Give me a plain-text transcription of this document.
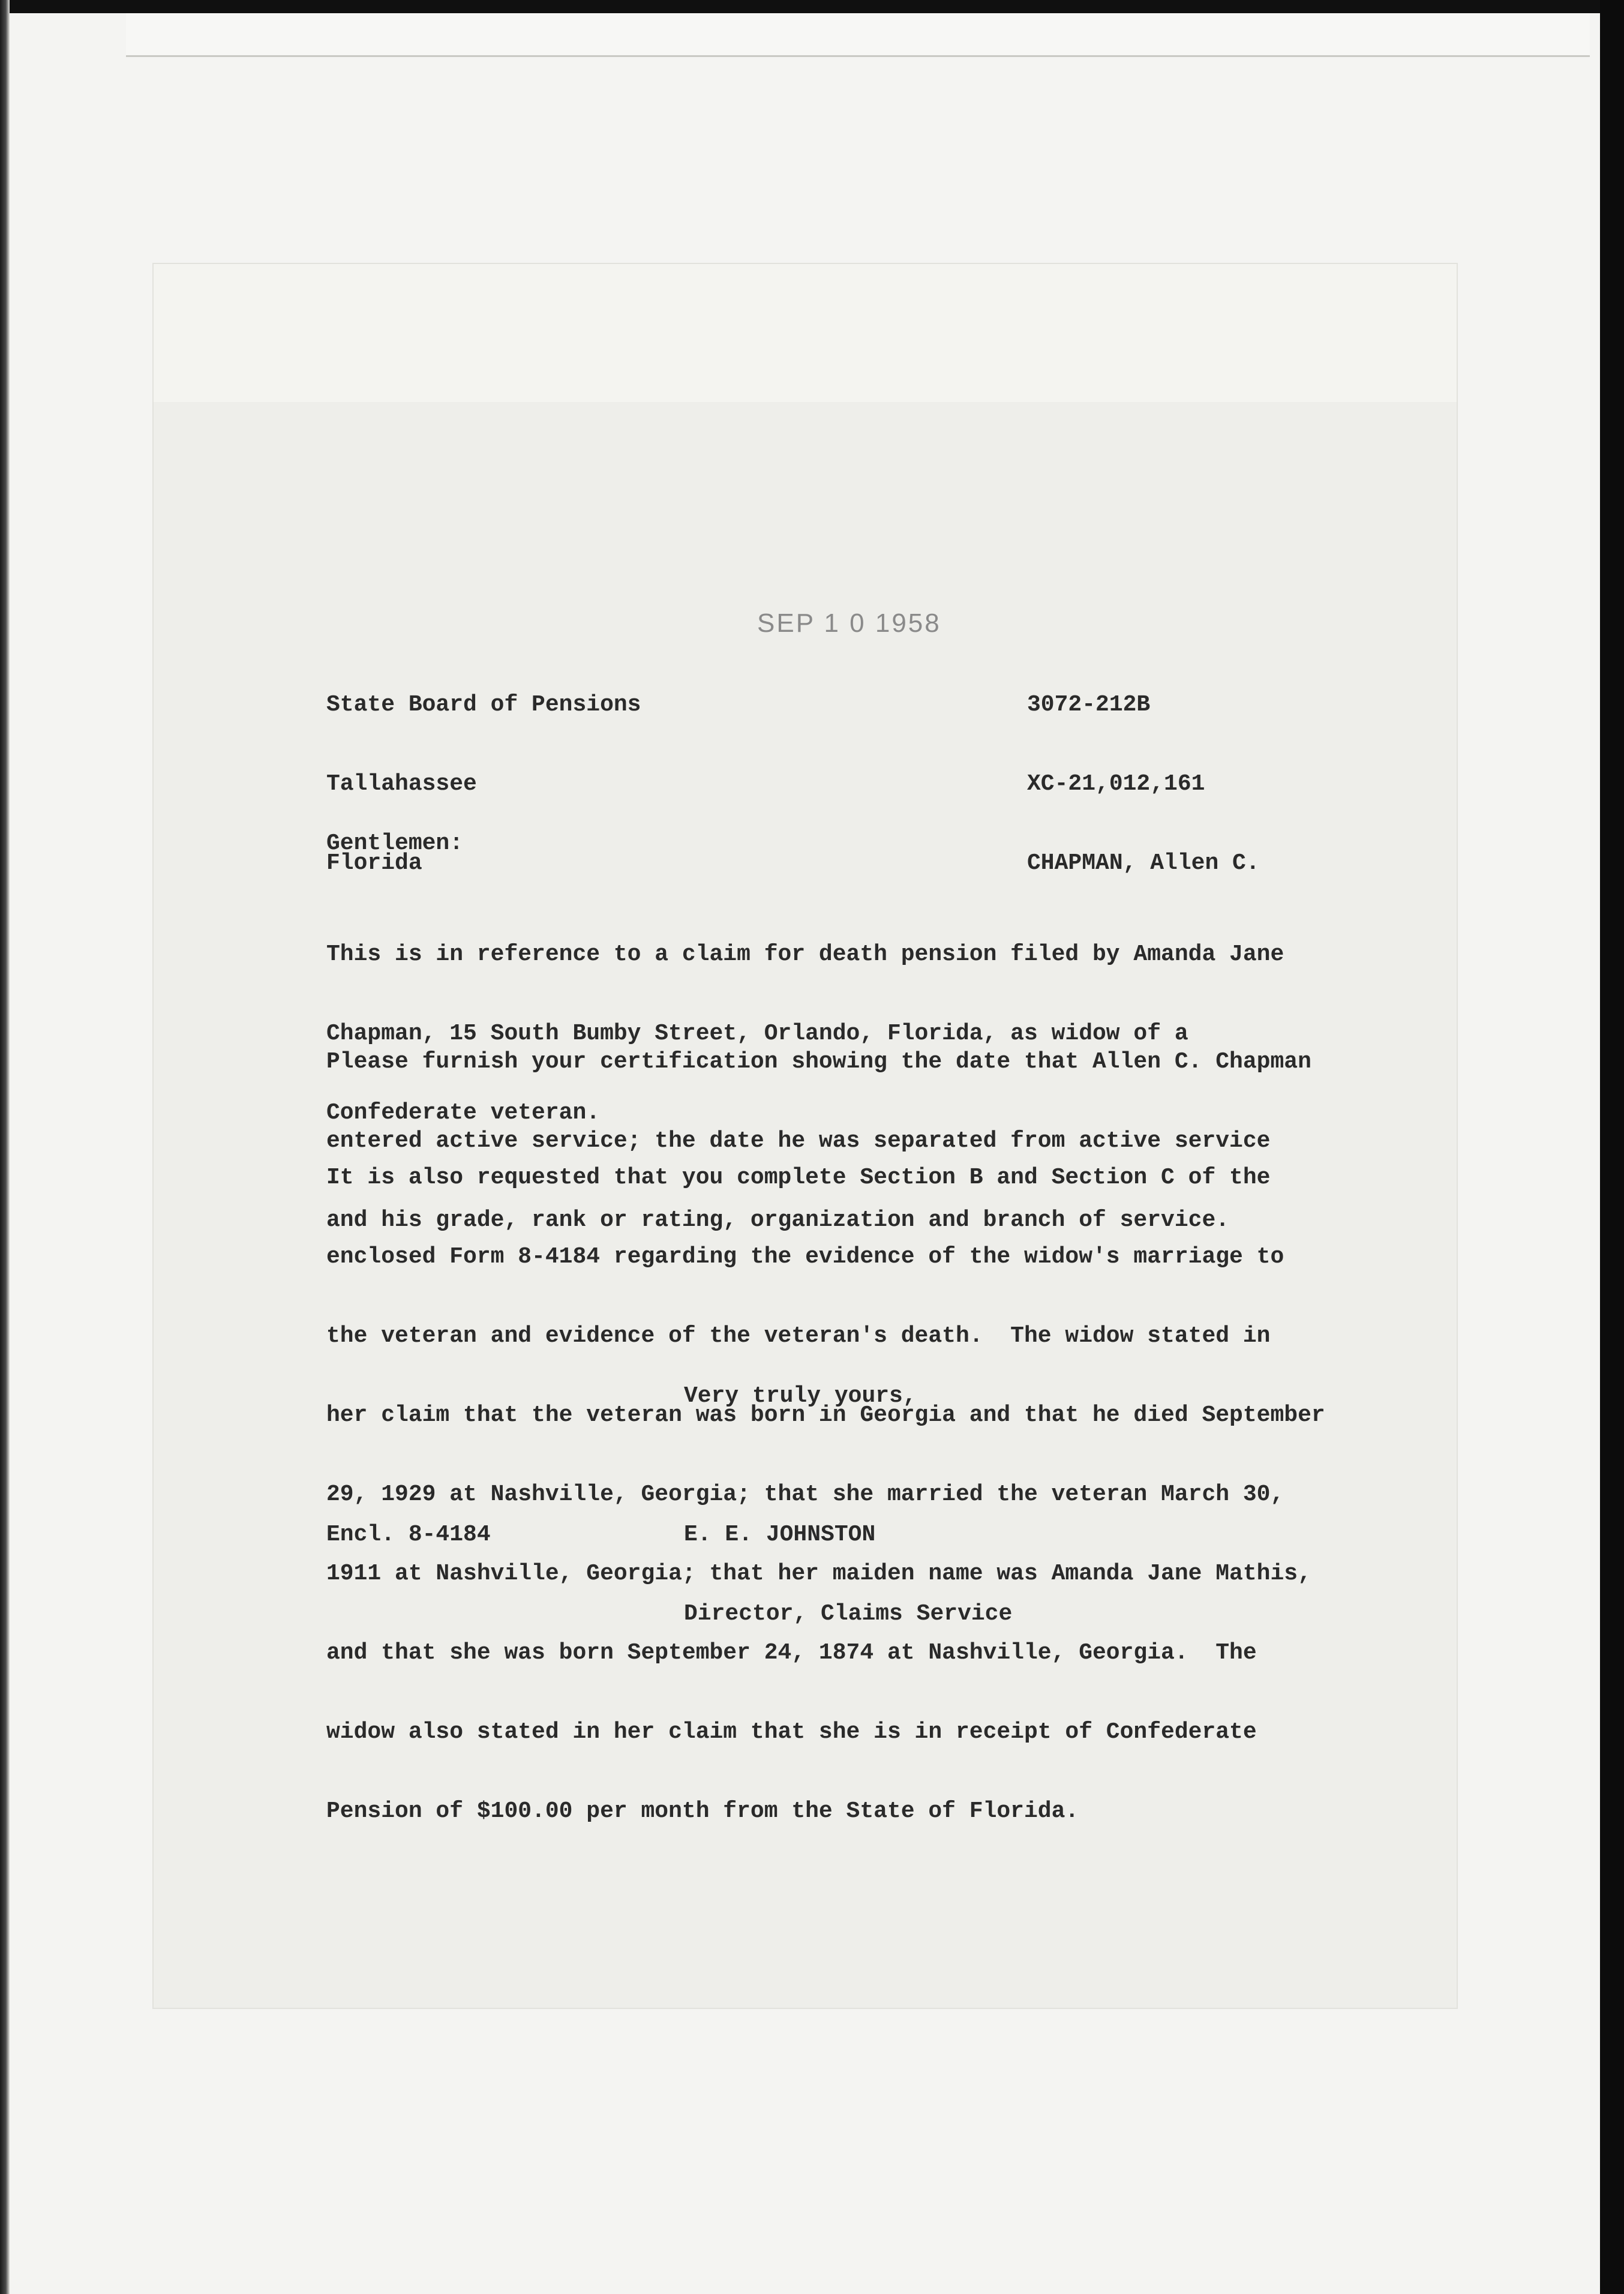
SEP 1 0 1958

State Board of Pensions

Tallahassee

Florida

3072-212B

XC-21,012,161

CHAPMAN, Allen C.

Gentlemen:

This is in reference to a claim for death pension filed by Amanda Jane

Chapman, 15 South Bumby Street, Orlando, Florida, as widow of a

Confederate veteran.

Please furnish your certification showing the date that Allen C. Chapman

entered active service; the date he was separated from active service

and his grade, rank or rating, organization and branch of service.

It is also requested that you complete Section B and Section C of the

enclosed Form 8-4184 regarding the evidence of the widow's marriage to

the veteran and evidence of the veteran's death.  The widow stated in

her claim that the veteran was born in Georgia and that he died September

29, 1929 at Nashville, Georgia; that she married the veteran March 30,

1911 at Nashville, Georgia; that her maiden name was Amanda Jane Mathis,

and that she was born September 24, 1874 at Nashville, Georgia.  The

widow also stated in her claim that she is in receipt of Confederate

Pension of $100.00 per month from the State of Florida.

Very truly yours,

E. E. JOHNSTON

Director, Claims Service

Encl. 8-4184
